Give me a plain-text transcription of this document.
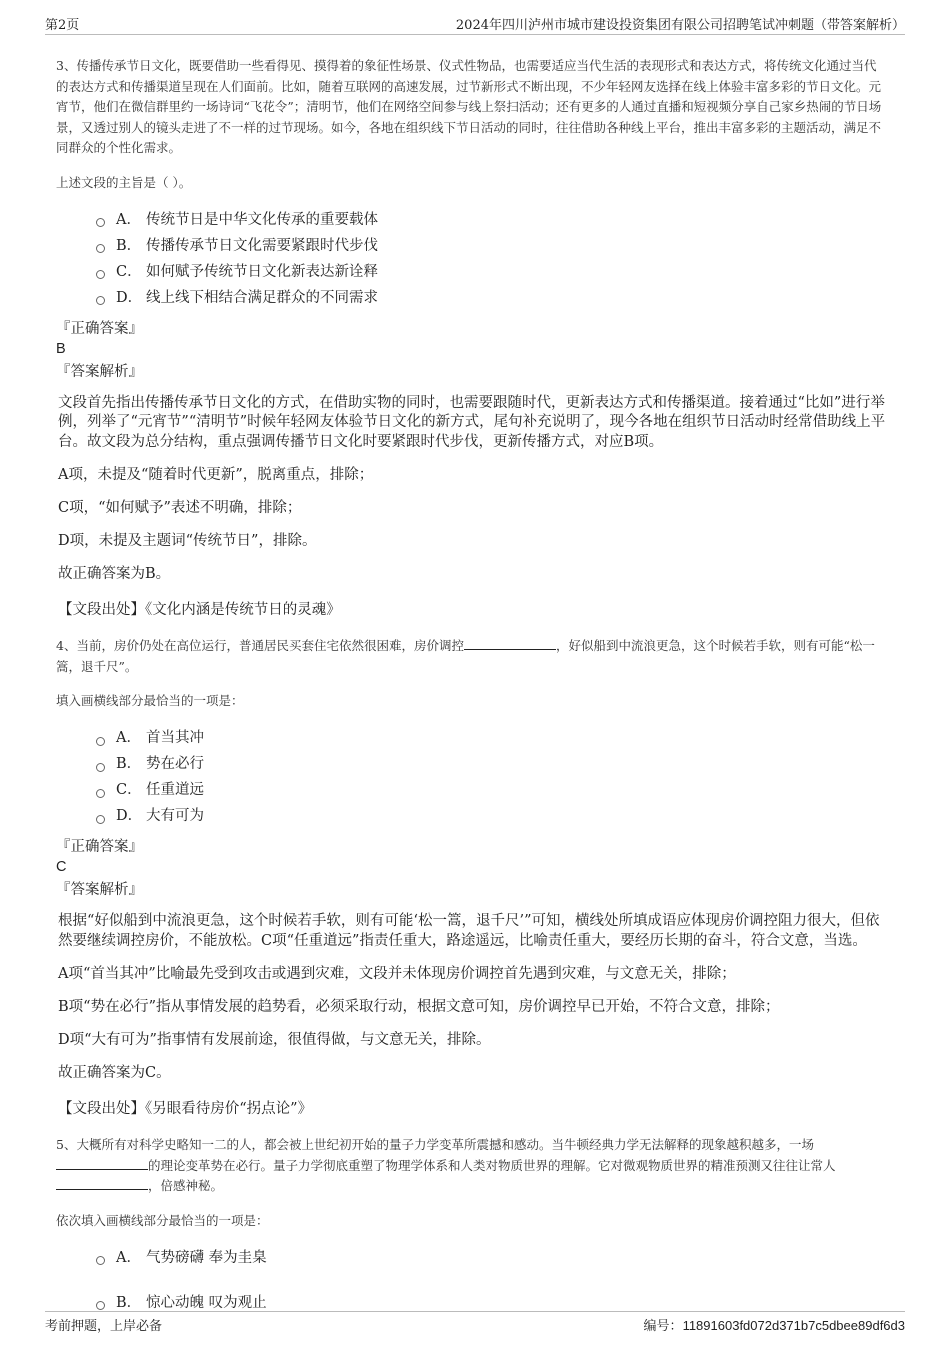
第2页	2024年四川泸州市城市建设投资集团有限公司招聘笔试冲刺题（带答案解析）

3、传播传承节日文化，既要借助一些看得见、摸得着的象征性场景、仪式性物品，也需要适应当代生活的表现形式和表达方式，将传统文化通过当代的表达方式和传播渠道呈现在人们面前。比如，随着互联网的高速发展，过节新形式不断出现，不少年轻网友选择在线上体验丰富多彩的节日文化。元宵节，他们在微信群里约一场诗词“飞花令”；清明节，他们在网络空间参与线上祭扫活动；还有更多的人通过直播和短视频分享自己家乡热闹的节日场景，又透过别人的镜头走进了不一样的过节现场。如今，各地在组织线下节日活动的同时，往往借助各种线上平台，推出丰富多彩的主题活动，满足不同群众的个性化需求。

上述文段的主旨是（ ）。
A． 传统节日是中华文化传承的重要载体
B． 传播传承节日文化需要紧跟时代步伐
C． 如何赋予传统节日文化新表达新诠释
D． 线上线下相结合满足群众的不同需求
『正确答案』
B
『答案解析』
文段首先指出传播传承节日文化的方式，在借助实物的同时，也需要跟随时代，更新表达方式和传播渠道。接着通过“比如”进行举例，列举了“元宵节”“清明节”时候年轻网友体验节日文化的新方式，尾句补充说明了，现今各地在组织节日活动时经常借助线上平台。故文段为总分结构，重点强调传播节日文化时要紧跟时代步伐，更新传播方式，对应B项。
A项，未提及“随着时代更新”，脱离重点，排除；
C项，“如何赋予”表述不明确，排除；
D项，未提及主题词“传统节日”，排除。
故正确答案为B。
【文段出处】《文化内涵是传统节日的灵魂》

4、当前，房价仍处在高位运行，普通居民买套住宅依然很困难，房价调控	，好似船到中流浪更急，这个时候若手软，则有可能“松一篙，退千尺”。

填入画横线部分最恰当的一项是：
A． 首当其冲
B． 势在必行
C． 任重道远
D． 大有可为
『正确答案』
C
『答案解析』
根据“好似船到中流浪更急，这个时候若手软，则有可能‘松一篙，退千尺’”可知，横线处所填成语应体现房价调控阻力很大，但依然要继续调控房价，不能放松。C项“任重道远”指责任重大，路途遥远，比喻责任重大，要经历长期的奋斗，符合文意，当选。
A项“首当其冲”比喻最先受到攻击或遇到灾难，文段并未体现房价调控首先遇到灾难，与文意无关，排除；
B项“势在必行”指从事情发展的趋势看，必须采取行动，根据文意可知，房价调控早已开始，不符合文意，排除；
D项“大有可为”指事情有发展前途，很值得做，与文意无关，排除。
故正确答案为C。
【文段出处】《另眼看待房价“拐点论”》

5、大概所有对科学史略知一二的人，都会被上世纪初开始的量子力学变革所震撼和感动。当牛顿经典力学无法解释的现象越积越多，一场的理论变革势在必行。量子力学彻底重塑了物理学体系和人类对物质世界的理解。它对微观物质世界的精准预测又往往让常人，倍感神秘。

依次填入画横线部分最恰当的一项是：
A． 气势磅礴 奉为圭臬
B． 惊心动魄 叹为观止
考前押题，上岸必备	编号：11891603fd072d371b7c5dbee89df6d3
